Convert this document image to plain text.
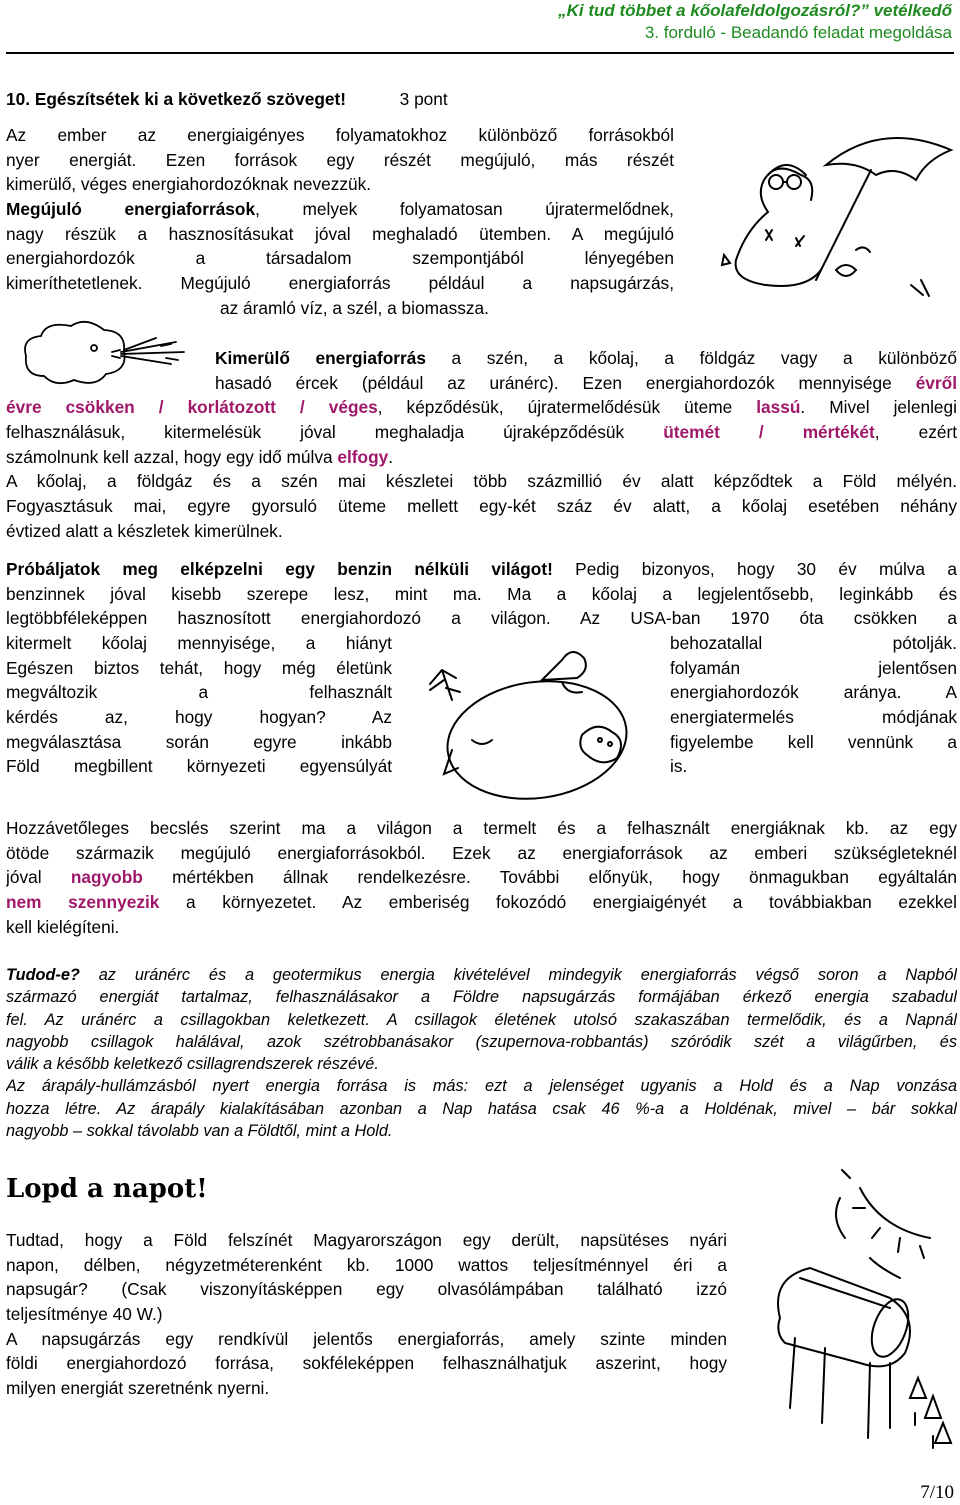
„Ki tud többet a kőolafeldolgozásról?” vetélkedő
3. forduló - Beadandó feladat megoldása
10. Egészítsétek ki a következő szöveget!	3 pont
Az ember az energiaigényes folyamatokhoz különböző forrásokból
nyer energiát. Ezen források egy részét megújuló, más részét
kimerülő, véges energiahordozóknak nevezzük.
Megújuló energiaforrások, melyek folyamatosan újratermelődnek,
nagy részük a hasznosításukat jóval meghaladó ütemben. A megújuló
energiahordozók a társadalom szempontjából lényegében
kimeríthetetlenek. Megújuló energiaforrás például a napsugárzás,
az áramló víz, a szél, a biomassza.
Kimerülő energiaforrás a szén, a kőolaj, a földgáz vagy a különböző
hasadó ércek (például az uránérc). Ezen energiahordozók mennyisége évről
évre csökken / korlátozott / véges, képződésük, újratermelődésük üteme lassú. Mivel jelenlegi
felhasználásuk, kitermelésük jóval meghaladja újraképződésük ütemét / mértékét, ezért
számolnunk kell azzal, hogy egy idő múlva elfogy.
A kőolaj, a földgáz és a szén mai készletei több százmillió év alatt képződtek a Föld mélyén.
Fogyasztásuk mai, egyre gyorsuló üteme mellett egy-két száz év alatt, a kőolaj esetében néhány
évtized alatt a készletek kimerülnek.
Próbáljatok meg elképzelni egy benzin nélküli világot! Pedig bizonyos, hogy 30 év múlva a
benzinnek jóval kisebb szerepe lesz, mint ma. Ma a kőolaj a legjelentősebb, leginkább és
legtöbbféleképpen hasznosított energiahordozó a világon. Az USA-ban 1970 óta csökken a
kitermelt kőolaj mennyisége, a hiányt
Egészen biztos tehát, hogy még életünk
megváltozik a felhasznált
kérdés az, hogy hogyan? Az
megválasztása során egyre inkább
Föld megbillent környezeti egyensúlyát
behozatallal pótolják.
folyamán jelentősen
energiahordozók aránya. A
energiatermelés módjának
figyelembe kell vennünk a
is.
Hozzávetőleges becslés szerint ma a világon a termelt és a felhasznált energiáknak kb. az egy
ötöde származik megújuló energiaforrásokból. Ezek az energiaforrások az emberi szükségleteknél
jóval nagyobb mértékben állnak rendelkezésre. További előnyük, hogy önmagukban egyáltalán
nem szennyezik a környezetet. Az emberiség fokozódó energiaigényét a továbbiakban ezekkel
kell kielégíteni.
Tudod-e? az uránérc és a geotermikus energia kivételével mindegyik energiaforrás végső soron a Napból
származó energiát tartalmaz, felhasználásakor a Földre napsugárzás formájában érkező energia szabadul
fel. Az uránérc a csillagokban keletkezett. A csillagok életének utolsó szakaszában termelődik, és a Napnál
nagyobb csillagok halálával, azok szétrobbanásakor (szupernova-robbantás) szóródik szét a világűrben, és
válik a később keletkező csillagrendszerek részévé.
Az árapály-hullámzásból nyert energia forrása is más: ezt a jelenséget ugyanis a Hold és a Nap vonzása
hozza létre. Az árapály kialakításában azonban a Nap hatása csak 46 %-a a Holdénak, mivel – bár sokkal
nagyobb – sokkal távolabb van a Földtől, mint a Hold.
Lopd a napot!
Tudtad, hogy a Föld felszínét Magyarországon egy derült, napsütéses nyári
napon, délben, négyzetméterenként kb. 1000 wattos teljesítménnyel éri a
napsugár? (Csak viszonyításképpen egy olvasólámpában található izzó
teljesítménye 40 W.)
A napsugárzás egy rendkívül jelentős energiaforrás, amely szinte minden
földi energiahordozó forrása, sokféleképpen felhasználhatjuk aszerint, hogy
milyen energiát szeretnénk nyerni.
7/10
